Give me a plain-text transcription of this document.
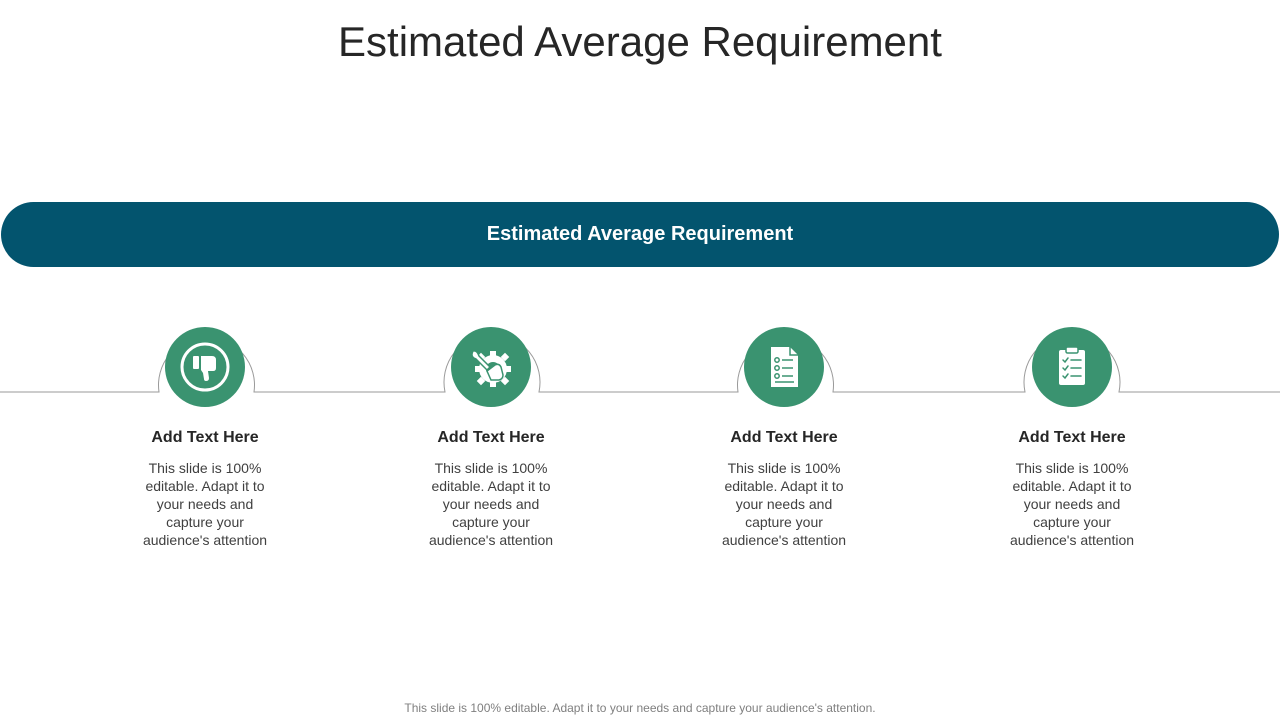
Estimated Average Requirement
Estimated Average Requirement
Add Text Here
This slide is 100% editable. Adapt it to your needs and capture your audience's attention
Add Text Here
This slide is 100% editable. Adapt it to your needs and capture your audience's attention
Add Text Here
This slide is 100% editable. Adapt it to your needs and capture your audience's attention
Add Text Here
This slide is 100% editable. Adapt it to your needs and capture your audience's attention
This slide is 100% editable. Adapt it to your needs and capture your audience's attention.
